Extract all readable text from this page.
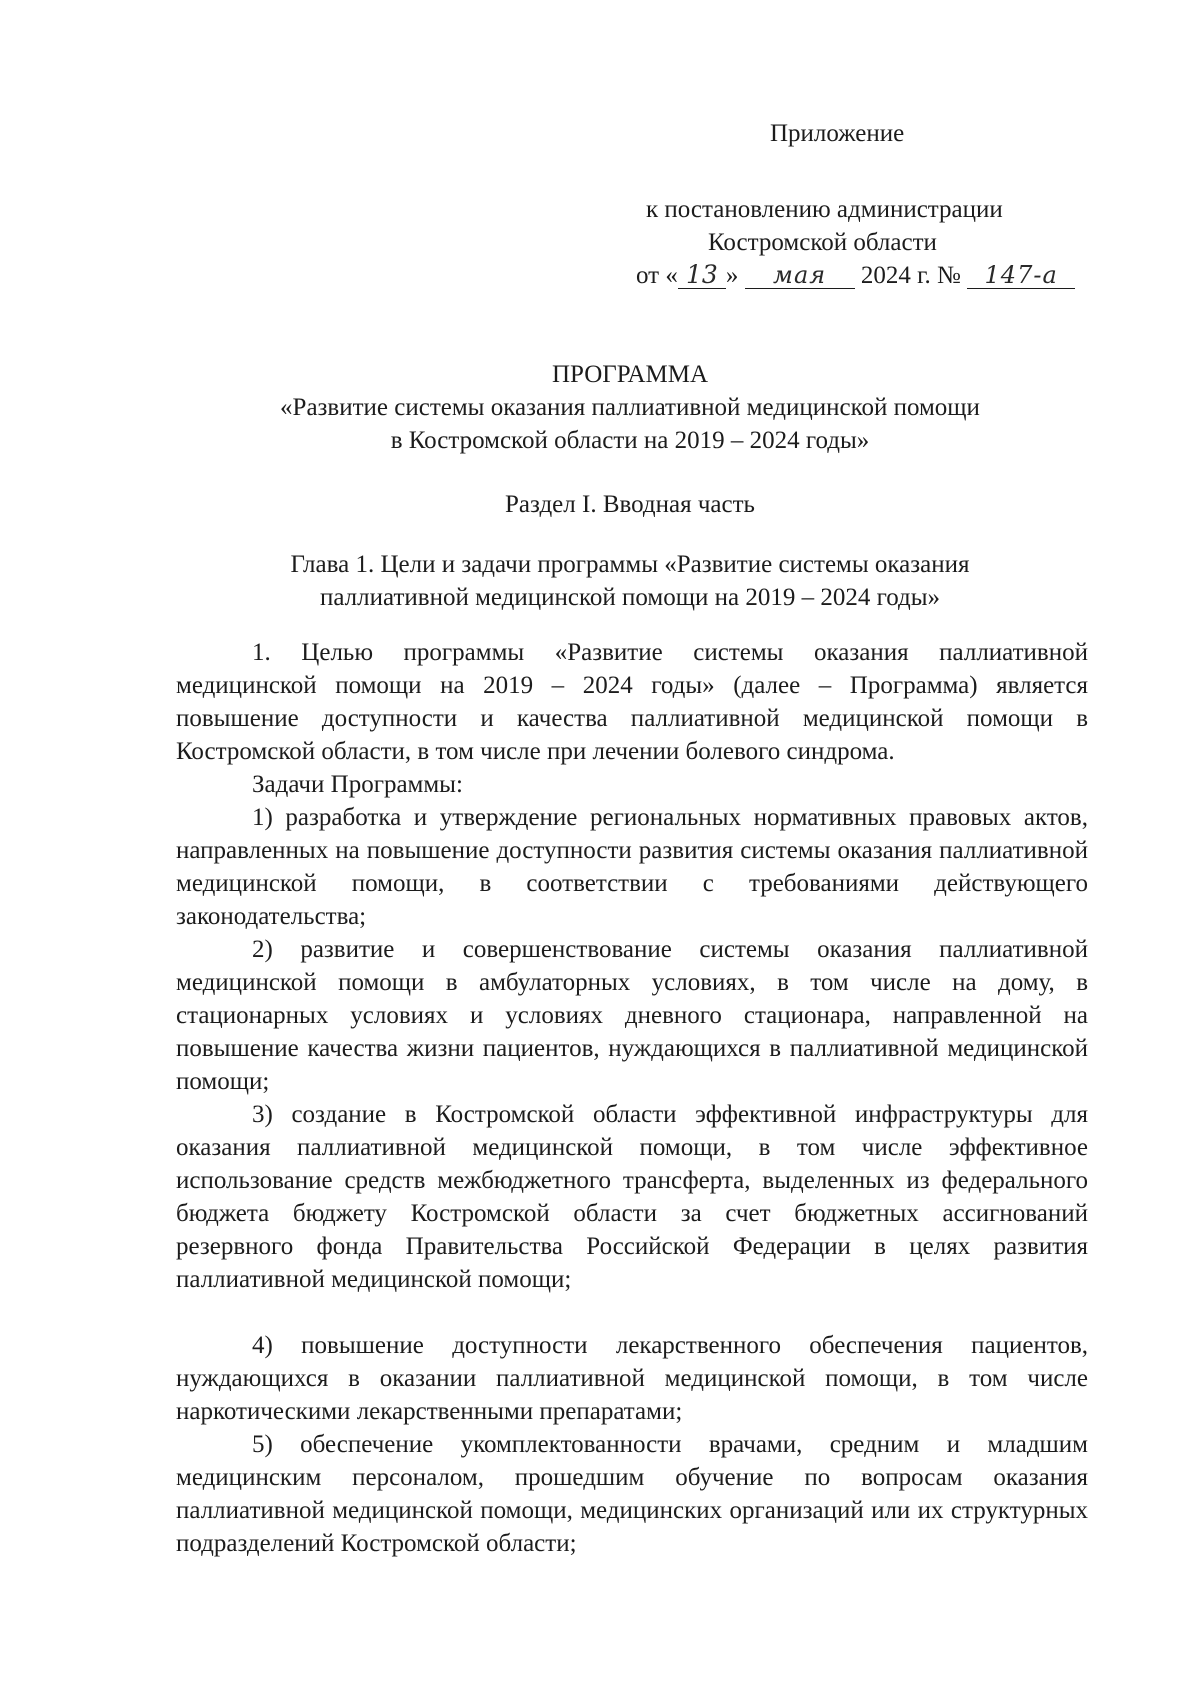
Приложение
к постановлению администрации
Костромской области
от « 13 » мая 2024 г. № 147-а
ПРОГРАММА
«Развитие системы оказания паллиативной медицинской помощи
в Костромской области на 2019 – 2024 годы»
Раздел I. Вводная часть
Глава 1. Цели и задачи программы «Развитие системы оказания
паллиативной медицинской помощи на 2019 – 2024 годы»

1. Целью программы «Развитие системы оказания паллиативной медицинской помощи на 2019 – 2024 годы» (далее – Программа) является повышение доступности и качества паллиативной медицинской помощи в Костромской области, в том числе при лечении болевого синдрома.

Задачи Программы:

1) разработка и утверждение региональных нормативных правовых актов, направленных на повышение доступности развития системы оказания паллиативной медицинской помощи, в соответствии с требованиями действующего законодательства;

2) развитие и совершенствование системы оказания паллиативной медицинской помощи в амбулаторных условиях, в том числе на дому, в стационарных условиях и условиях дневного стационара, направленной на повышение качества жизни пациентов, нуждающихся в паллиативной медицинской помощи;

3) создание в Костромской области эффективной инфраструктуры для оказания паллиативной медицинской помощи, в том числе эффективное использование средств межбюджетного трансферта, выделенных из федерального бюджета бюджету Костромской области за счет бюджетных ассигнований резервного фонда Правительства Российской Федерации в целях развития паллиативной медицинской помощи;

4) повышение доступности лекарственного обеспечения пациентов, нуждающихся в оказании паллиативной медицинской помощи, в том числе наркотическими лекарственными препаратами;

5) обеспечение укомплектованности врачами, средним и младшим медицинским персоналом, прошедшим обучение по вопросам оказания паллиативной медицинской помощи, медицинских организаций или их структурных подразделений Костромской области;
